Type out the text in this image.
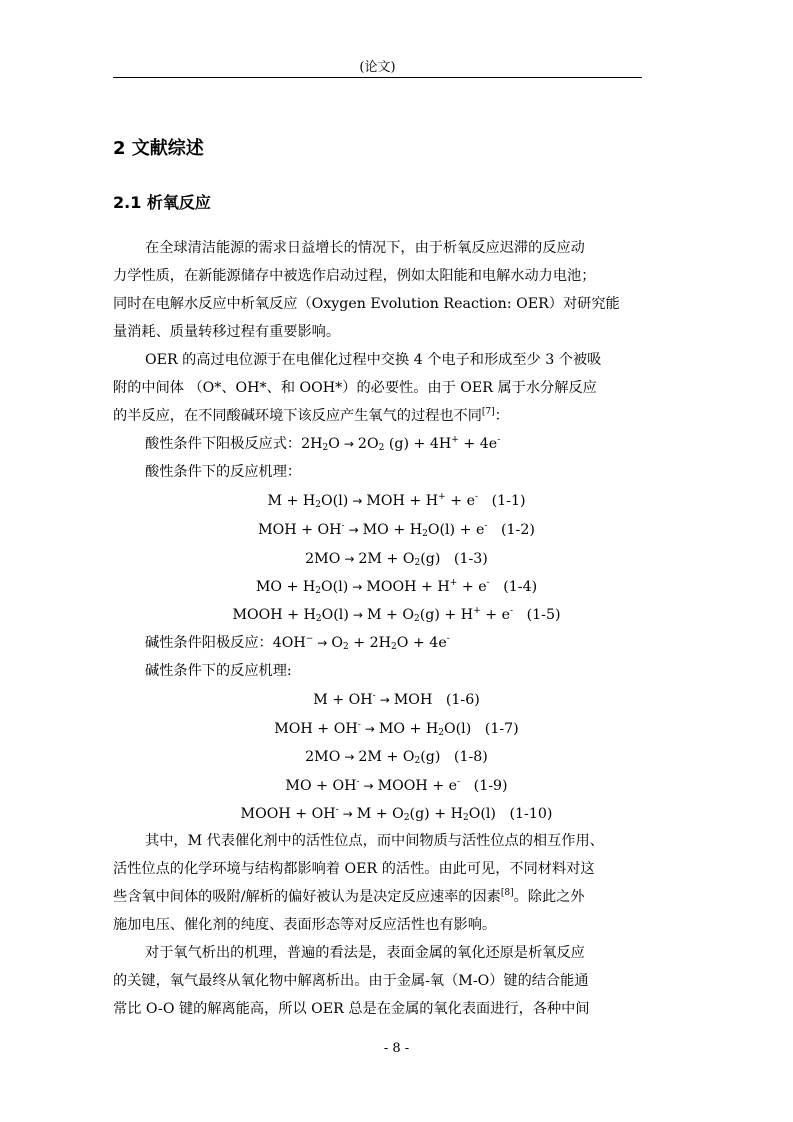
(论文)
2 文献综述
2.1 析氧反应
在全球清洁能源的需求日益增长的情况下，由于析氧反应迟滞的反应动
力学性质，在新能源储存中被选作启动过程，例如太阳能和电解水动力电池；
同时在电解水反应中析氧反应（Oxygen Evolution Reaction: OER）对研究能
量消耗、质量转移过程有重要影响。
OER 的高过电位源于在电催化过程中交换 4 个电子和形成至少 3 个被吸
附的中间体 （O*、OH*、和 OOH*）的必要性。由于 OER 属于水分解反应
的半反应，在不同酸碱环境下该反应产生氧气的过程也不同[7]：
酸性条件下阳极反应式：$2H_2O \to 2O_2$ (g) + 4H+ + 4e-
酸性条件下的反应机理：
$M + H_2O(l)$ → MOH + H+ + e- (1-1)
MOH + OH- → MO + $H_2O(l) + e^-$ (1-2)
$2MO \to 2M + O_2(g)$   (1-3)
MO + $H_2O(l)$ → MOOH + H+ + e- (1-4)
MOOH + $H_2O(l) \to M + O_2(g) + H^+ + e^-$ (1-5)
碱性条件阳极反应：$4OH^- \to O_2 + 2H_2O + 4e^-$
碱性条件下的反应机理:
M + OH- → MOH   (1-6)
MOH + OH- → MO + $H_2O(l)$   (1-7)
$2MO \to 2M + O_2(g)$   (1-8)
MO + OH- → MOOH + e- (1-9)
MOOH + $OH^- \to M + O_2(g) + H_2O(l)$   (1-10)
其中，M 代表催化剂中的活性位点，而中间物质与活性位点的相互作用、
活性位点的化学环境与结构都影响着 OER 的活性。由此可见，不同材料对这
些含氧中间体的吸附/解析的偏好被认为是决定反应速率的因素[8]。除此之外
施加电压、催化剂的纯度、表面形态等对反应活性也有影响。
对于氧气析出的机理，普遍的看法是，表面金属的氧化还原是析氧反应
的关键，氧气最终从氧化物中解离析出。由于金属-氧（M-O）键的结合能通
常比 O-O 键的解离能高，所以 OER 总是在金属的氧化表面进行，各种中间
- 8 -
